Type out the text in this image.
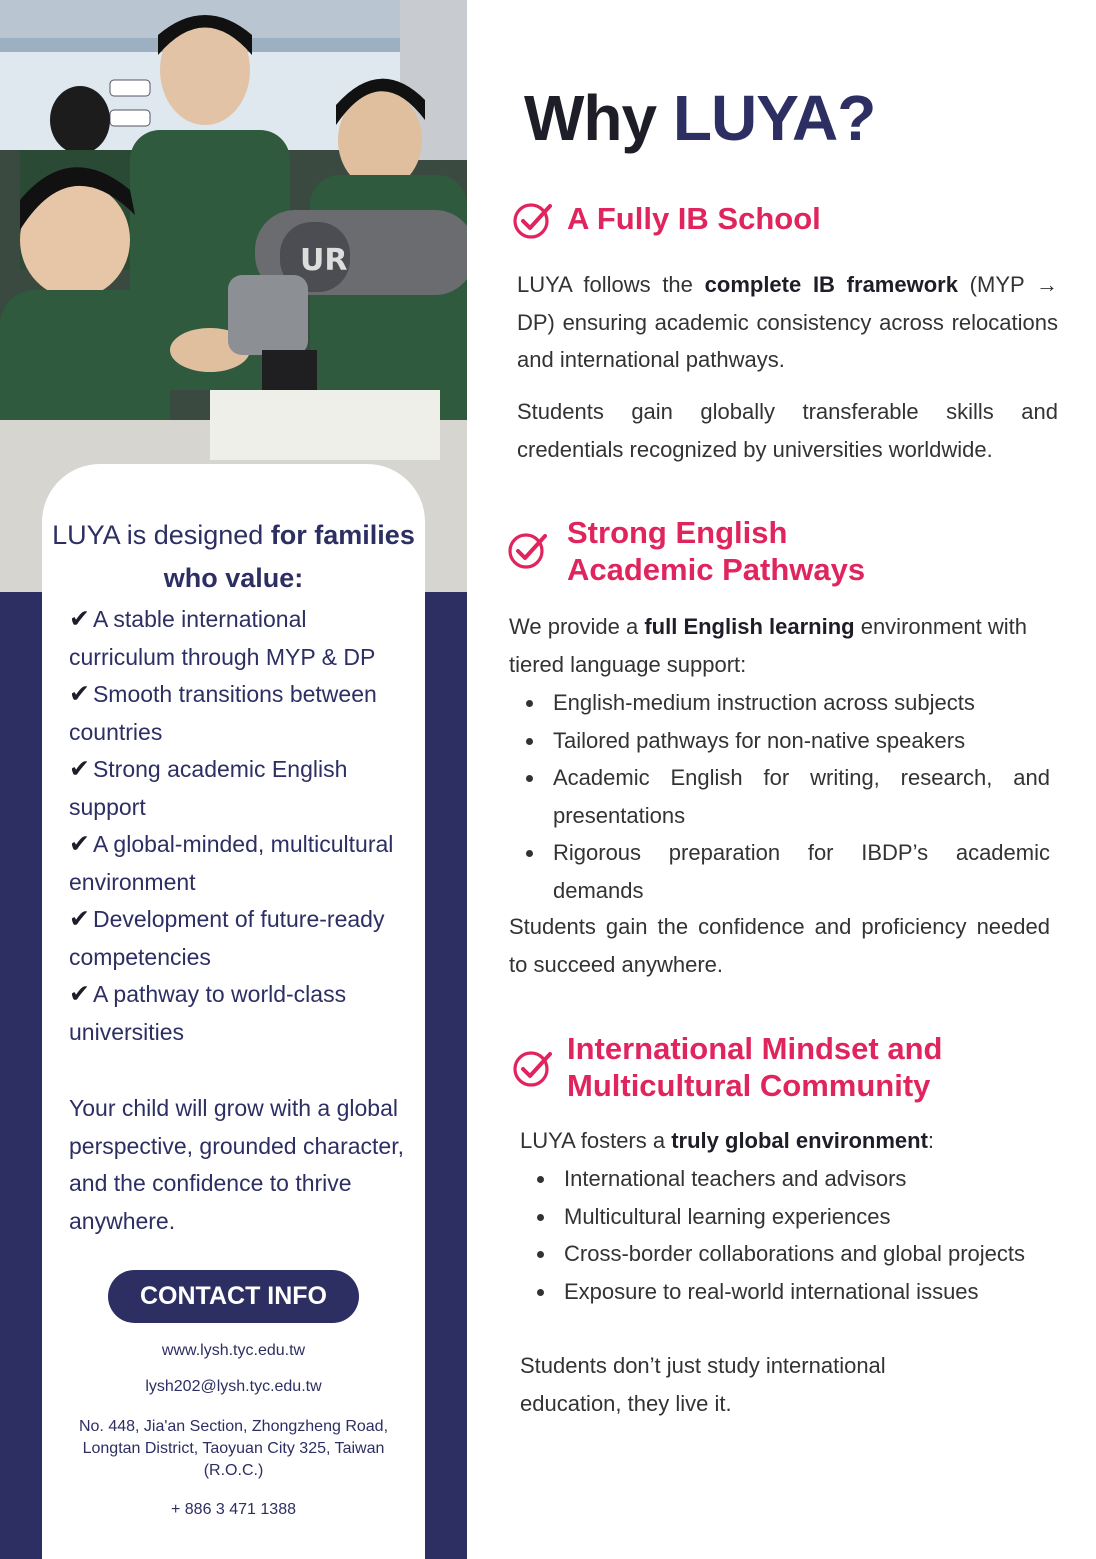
UR
LUYA is designed for families who value:
✔ A stable international curriculum through MYP & DP
✔ Smooth transitions between countries
✔ Strong academic English support
✔ A global-minded, multicultural environment
✔ Development of future-ready competencies
✔ A pathway to world-class universities
Your child will grow with a global perspective, grounded character, and the confidence to thrive anywhere.
CONTACT INFO
www.lysh.tyc.edu.tw
lysh202@lysh.tyc.edu.tw
No. 448, Jia'an Section, Zhongzheng Road, Longtan District, Taoyuan City 325, Taiwan (R.O.C.)
+ 886 3 471 1388
Why LUYA?
A Fully IB School

LUYA follows the complete IB framework (MYP → DP) ensuring academic consistency across relocations and international pathways.

Students gain globally transferable skills and credentials recognized by universities worldwide.

Strong English
Academic Pathways

We provide a full English learning environment with tiered language support:

English-medium instruction across subjects
Tailored pathways for non-native speakers
Academic English for writing, research, and presentations
Rigorous preparation for IBDP’s academic demands

Students gain the confidence and proficiency needed to succeed anywhere.

International Mindset and
Multicultural Community

LUYA fosters a truly global environment:

International teachers and advisors
Multicultural learning experiences
Cross-border collaborations and global projects
Exposure to real-world international issues

Students don’t just study international education, they live it.
